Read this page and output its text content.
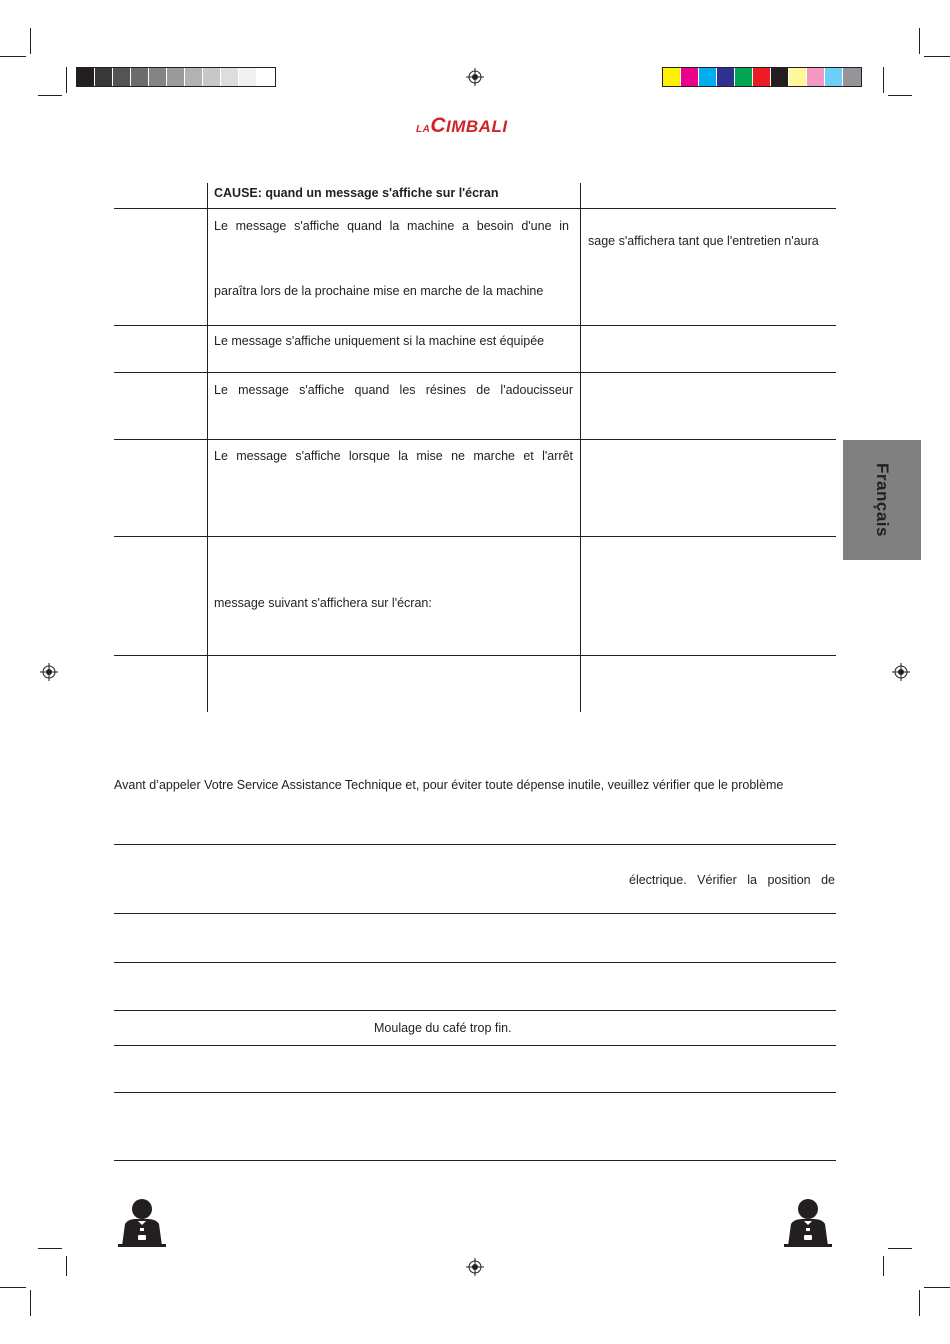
LA C IMBALI
Français
CAUSE: quand un message s'affiche sur l'écran
Le message s'affiche quand la machine a besoin d'une in
paraîtra lors de la prochaine mise en marche de la machine
sage s'affichera tant que l'entretien n'aura
Le message s'affiche uniquement si la machine est équipée
Le message s'affiche quand les résines de l'adoucisseur
Le message s'affiche lorsque la mise ne marche et l'arrêt
message suivant s'affichera sur l'écran:
Avant d’appeler Votre Service Assistance Technique et, pour éviter toute dépense inutile, veuillez vérifier que le problème
électrique. Vérifier la position de
Moulage du café trop fin.
